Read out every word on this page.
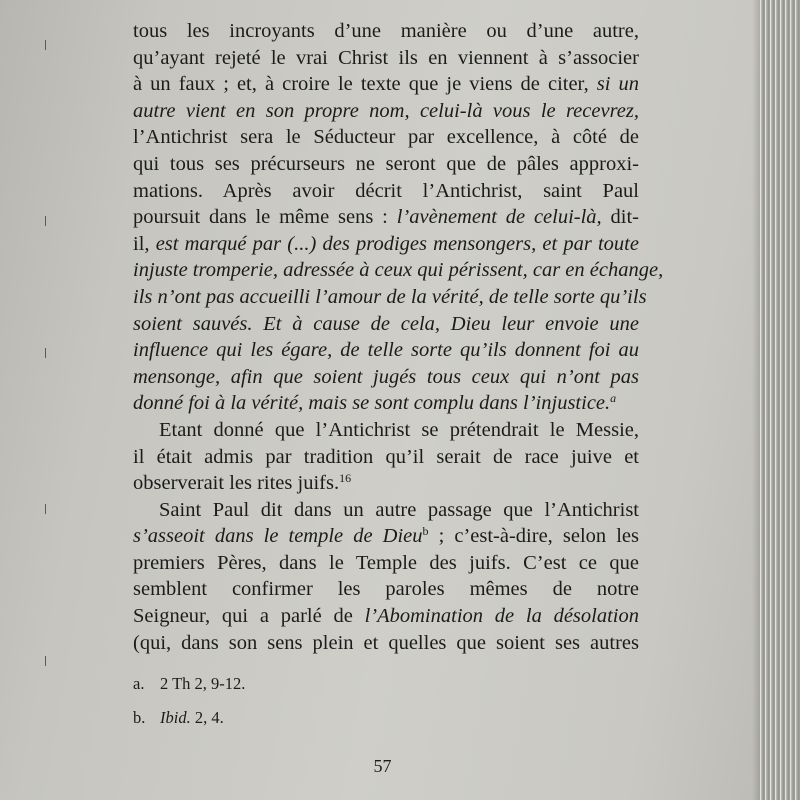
tous les incroyants d’une manière ou d’une autre,
qu’ayant rejeté le vrai Christ ils en viennent à s’associer
à un faux ; et, à croire le texte que je viens de citer, si un
autre vient en son propre nom, celui-là vous le recevrez,
l’Antichrist sera le Séducteur par excellence, à côté de
qui tous ses précurseurs ne seront que de pâles approxi-
mations. Après avoir décrit l’Antichrist, saint Paul
poursuit dans le même sens : l’avènement de celui-là, dit-
il, est marqué par (...) des prodiges mensongers, et par toute
injuste tromperie, adressée à ceux qui périssent, car en échange,
ils n’ont pas accueilli l’amour de la vérité, de telle sorte qu’ils
soient sauvés. Et à cause de cela, Dieu leur envoie une
influence qui les égare, de telle sorte qu’ils donnent foi au
mensonge, afin que soient jugés tous ceux qui n’ont pas
donné foi à la vérité, mais se sont complu dans l’injustice.$^a$
Etant donné que l’Antichrist se prétendrait le Messie,
il était admis par tradition qu’il serait de race juive et
observerait les rites juifs.$^{16}$
Saint Paul dit dans un autre passage que l’Antichrist
s’asseoit dans le temple de Dieu$^b$ ; c’est-à-dire, selon les
premiers Pères, dans le Temple des juifs. C’est ce que
semblent confirmer les paroles mêmes de notre
Seigneur, qui a parlé de l’Abomination de la désolation
(qui, dans son sens plein et quelles que soient ses autres
a. 2 Th 2, 9-12.
b. Ibid. 2, 4.
57
